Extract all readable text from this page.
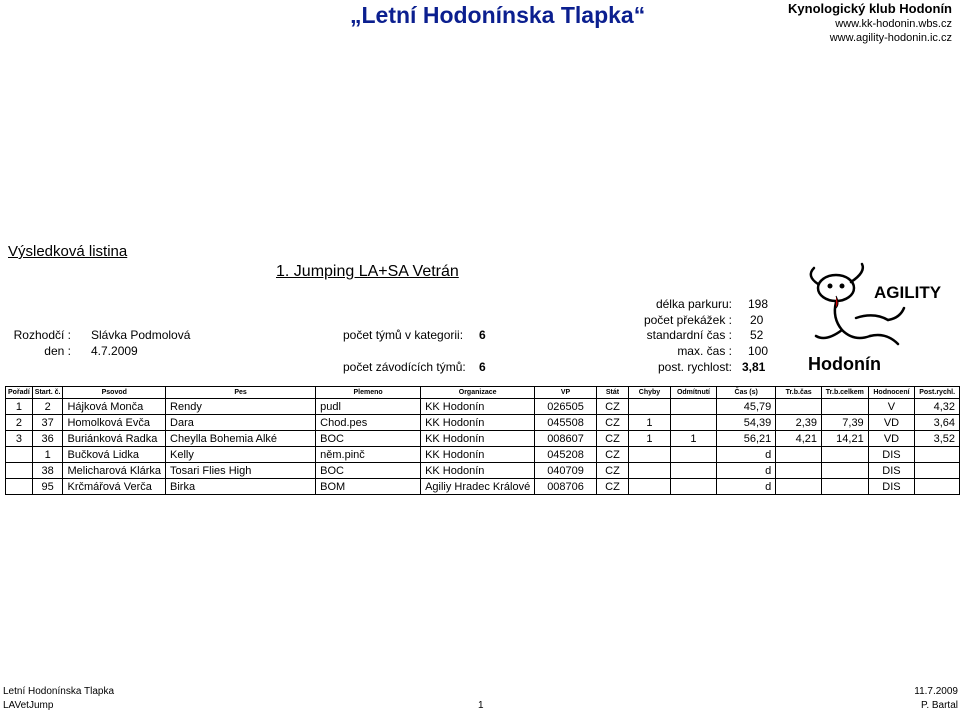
„Letní Hodonínska Tlapka“	Kynologický klub Hodonín
www.kk-hodonin.wbs.cz
www.agility-hodonin.ic.cz
Výsledková listina
1. Jumping LA+SA Vetrán
Rozhodčí : Slávka Podmolová
den : 4.7.2009
počet týmů v kategorii: 6
počet závodících týmů: 6
délka parkuru: 198
počet překážek : 20
standardní čas : 52
max. čas : 100
post. rychlost: 3,81
AGILITY
Hodonín
Pořadí	Start. č.	Psovod	Pes	Plemeno	Organizace	VP	Stát	Chyby	Odmítnutí	Čas (s)	Tr.b.čas	Tr.b.celkem	Hodnocení	Post.rychl.
1	2	Hájková Monča	Rendy	pudl	KK Hodonín	026505	CZ			45,79			V	4,32
2	37	Homolková Evča	Dara	Chod.pes	KK Hodonín	045508	CZ	1		54,39	2,39	7,39	VD	3,64
3	36	Buriánková Radka	Cheylla Bohemia Alké	BOC	KK Hodonín	008607	CZ	1	1	56,21	4,21	14,21	VD	3,52
	1	Bučková Lidka	Kelly	něm.pinč	KK Hodonín	045208	CZ			d			DIS	
	38	Melicharová Klárka	Tosari Flies High	BOC	KK Hodonín	040709	CZ			d			DIS	
	95	Krčmářová Verča	Birka	BOM	Agiliy Hradec Králové	008706	CZ			d			DIS	
Letní Hodonínska Tlapka
LAVetJump	1
11.7.2009
P. Bartal
